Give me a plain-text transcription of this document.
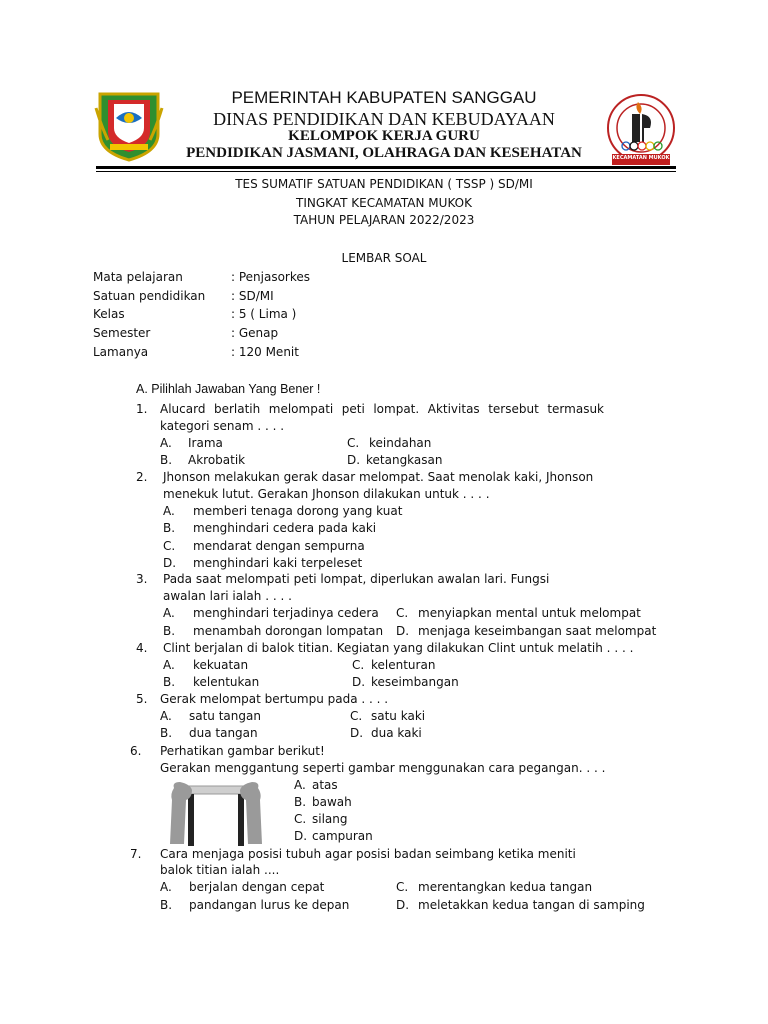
KECAMATAN MUKOK
PEMERINTAH KABUPATEN SANGGAU
DINAS PENDIDIKAN DAN KEBUDAYAAN
KELOMPOK KERJA GURU
PENDIDIKAN JASMANI, OLAHRAGA DAN KESEHATAN
TES SUMATIF SATUAN PENDIDIKAN ( TSSP ) SD/MI
TINGKAT KECAMATAN MUKOK
TAHUN PELAJARAN 2022/2023
LEMBAR SOAL
Mata pelajaran	: Penjasorkes
Satuan pendidikan : SD/MI
Kelas	: 5 ( Lima )
Semester	: Genap
Lamanya	: 120 Menit
A. Pilihlah Jawaban Yang Bener !
1. Alucard berlatih melompati peti lompat. Aktivitas tersebut termasuk
kategori senam . . . .
A. Irama	C. keindahan
B. Akrobatik	D. ketangkasan
2. Jhonson melakukan gerak dasar melompat. Saat menolak kaki, Jhonson
menekuk lutut. Gerakan Jhonson dilakukan untuk . . . .
A. memberi tenaga dorong yang kuat
B. menghindari cedera pada kaki
C. mendarat dengan sempurna
D. menghindari kaki terpeleset
3. Pada saat melompati peti lompat, diperlukan awalan lari. Fungsi
awalan lari ialah . . . .
A. menghindari terjadinya cedera C. menyiapkan mental untuk melompat
B. menambah dorongan lompatan D. menjaga keseimbangan saat melompat
4. Clint berjalan di balok titian. Kegiatan yang dilakukan Clint untuk melatih . . . .
A. kekuatan	C. kelenturan
B. kelentukan	D. keseimbangan
5. Gerak melompat bertumpu pada . . . .
A. satu tangan	C. satu kaki
B. dua tangan	D. dua kaki
6. Perhatikan gambar berikut!
Gerakan menggantung seperti gambar menggunakan cara pegangan. . . .
A. atas
B. bawah
C. silang
D. campuran
7. Cara menjaga posisi tubuh agar posisi badan seimbang ketika meniti
balok titian ialah ....
A. berjalan dengan cepat	C. merentangkan kedua tangan
B. pandangan lurus ke depan	D. meletakkan kedua tangan di samping
